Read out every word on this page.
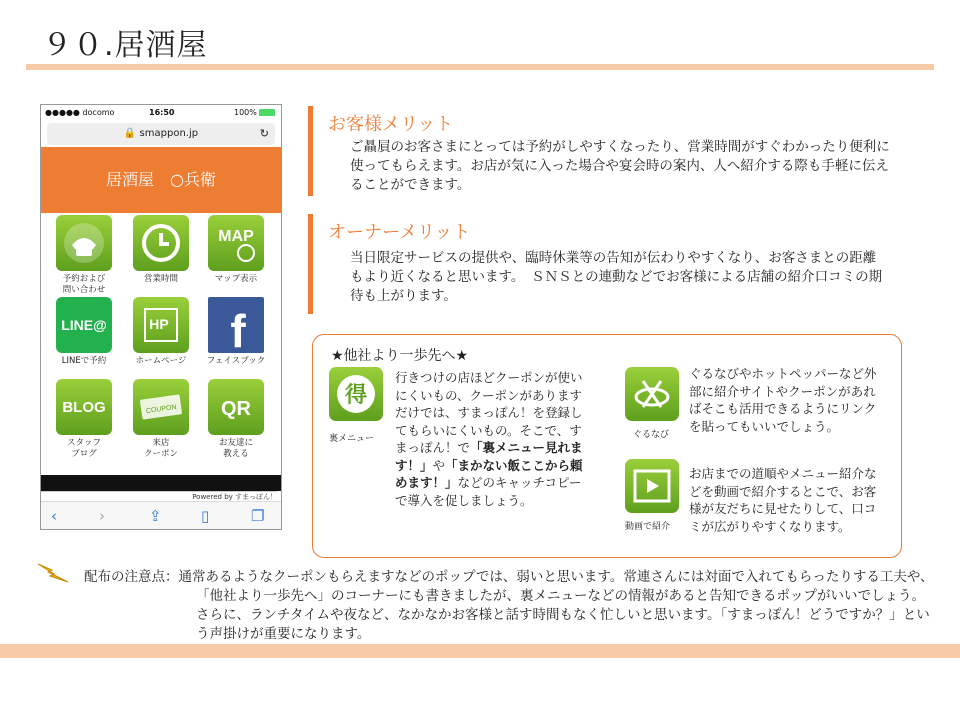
９０.居酒屋
●●●●● docomo	16:50	100%
🔒 smappon.jp	↻
居酒屋　○兵衛
予約および
問い合わせ
営業時間
MAP
マップ表示
LINE@
LINEで予約
HP
ホームページ
f
フェイスブック
BLOG
スタッフ
ブログ
COUPON
来店
クーポン
QR
お友達に
教える
Powered by すまっぽん！
‹	›	⇪	▯	❐
お客様メリット
ご贔屓のお客さまにとっては予約がしやすくなったり、営業時間がすぐわかったり便利に使ってもらえます。お店が気に入った場合や宴会時の案内、人へ紹介する際も手軽に伝えることができます。
オーナーメリット
当日限定サービスの提供や、臨時休業等の告知が伝わりやすくなり、お客さまとの距離もより近くなると思います。　ＳＮＳとの連動などでお客様による店舗の紹介口コミの期待も上がります。
★他社より一歩先へ★
得
裏メニュー
行きつけの店ほどクーポンが使いにくいもの、クーポンがありますだけでは、すまっぽん！を登録してもらいにくいもの。そこで、すまっぽん！で「裏メニュー見れます！」や「まかない飯ここから頼めます！」などのキャッチコピーで導入を促しましょう。
ぐるなび
ぐるなびやホットペッパーなど外部に紹介サイトやクーポンがあればそこも活用できるようにリンクを貼ってもいいでしょう。
動画で紹介
お店までの道順やメニュー紹介などを動画で紹介するとこで、お客様が友だちに見せたりして、口コミが広がりやすくなります。
配布の注意点：通常あるようなクーポンもらえますなどのポップでは、弱いと思います。常連さんには対面で入れてもらったりする工夫や、「他社より一歩先へ」のコーナーにも書きましたが、裏メニューなどの情報があると告知できるポップがいいでしょう。さらに、ランチタイムや夜など、なかなかお客様と話す時間もなく忙しいと思います。「すまっぽん！どうですか？」という声掛けが重要になります。
